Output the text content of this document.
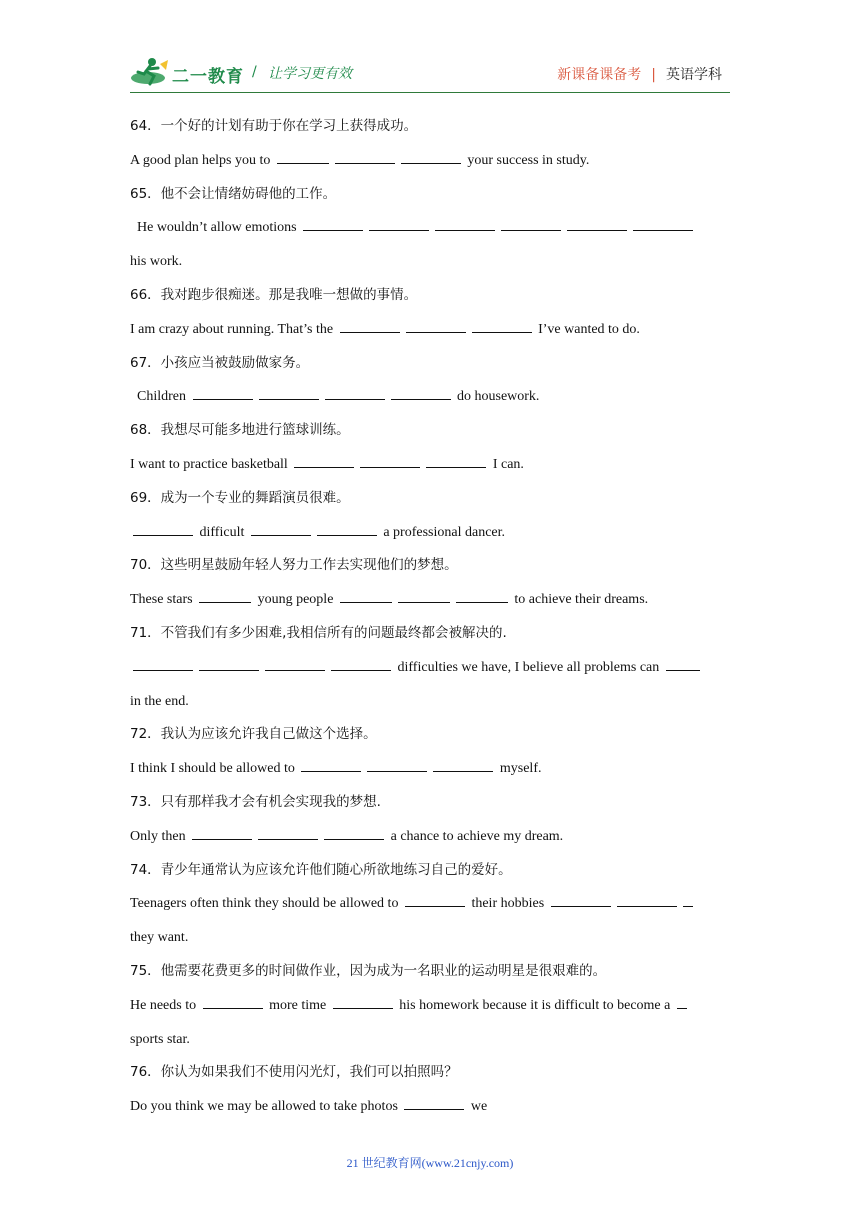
二一教育 / 让学习更有效	新课备课备考 | 英语学科
64．一个好的计划有助于你在学习上获得成功。
A good plan helps you to	your success in study.
65．他不会让情绪妨碍他的工作。
He wouldn’t allow emotions
his work.
66．我对跑步很痴迷。那是我唯一想做的事情。
I am crazy about running. That’s the	I’ve wanted to do.
67．小孩应当被鼓励做家务。
Children	do housework.
68．我想尽可能多地进行篮球训练。
I want to practice basketball	I can.
69．成为一个专业的舞蹈演员很难。
difficult	a professional dancer.
70．这些明星鼓励年轻人努力工作去实现他们的梦想。
These stars	young people	to achieve their dreams.
71．不管我们有多少困难,我相信所有的问题最终都会被解决的.
difficulties we have, I believe all problems can
in the end.
72．我认为应该允许我自己做这个选择。
I think I should be allowed to	myself.
73．只有那样我才会有机会实现我的梦想.
Only then	a chance to achieve my dream.
74．青少年通常认为应该允许他们随心所欲地练习自己的爱好。
Teenagers often think they should be allowed to	their hobbies
they want.
75．他需要花费更多的时间做作业，因为成为一名职业的运动明星是很艰难的。
He needs to	more time	his homework because it is difficult to become a
sports star.
76．你认为如果我们不使用闪光灯，我们可以拍照吗？
Do you think we may be allowed to take photos	we
21 世纪教育网(www.21cnjy.com)
